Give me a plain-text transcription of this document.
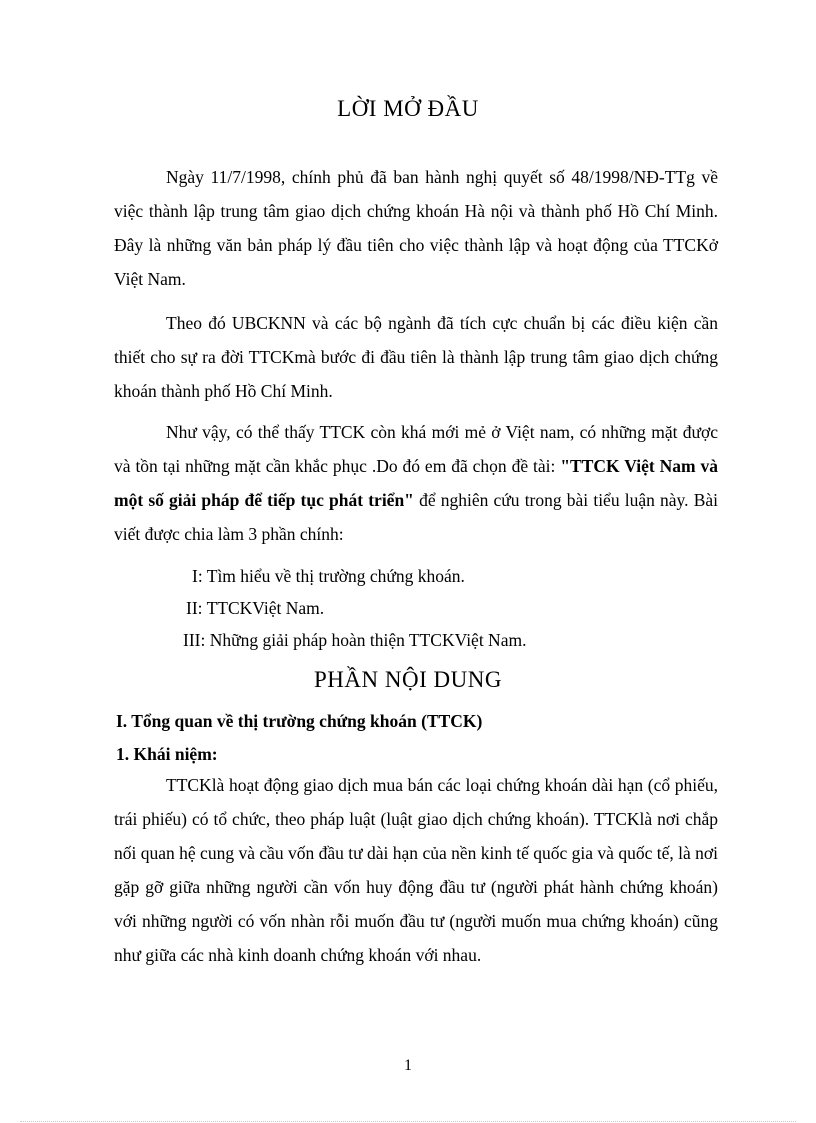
LỜI MỞ ĐẦU

Ngày 11/7/1998, chính phủ đã ban hành nghị quyết số 48/1998/NĐ-TTg về việc thành lập trung tâm giao dịch chứng khoán Hà nội và thành phố Hồ Chí Minh. Đây là những văn bản pháp lý đầu tiên cho việc thành lập và hoạt động của TTCKở Việt Nam.

Theo đó UBCKNN và các bộ ngành đã tích cực chuẩn bị các điều kiện cần thiết cho sự ra đời TTCKmà bước đi đầu tiên là thành lập trung tâm giao dịch chứng khoán thành phố Hồ Chí Minh.

Như vậy, có thể thấy TTCK còn khá mới mẻ ở Việt nam, có những mặt được và tồn tại những mặt cần khắc phục .Do đó em đã chọn đề tài: "TTCK Việt Nam và một số giải pháp để tiếp tục phát triển" để nghiên cứu trong bài tiểu luận này. Bài viết được chia làm 3 phần chính:

I: Tìm hiểu về thị trường chứng khoán.
II: TTCKViệt Nam.
III: Những giải pháp hoàn thiện TTCKViệt Nam.
PHẦN NỘI DUNG
I. Tổng quan về thị trường chứng khoán (TTCK)
1. Khái niệm:

TTCKlà hoạt động giao dịch mua bán các loại chứng khoán dài hạn (cổ phiếu, trái phiếu) có tổ chức, theo pháp luật (luật giao dịch chứng khoán). TTCKlà nơi chắp nối quan hệ cung và cầu vốn đầu tư dài hạn của nền kinh tế quốc gia và quốc tế, là nơi gặp gỡ giữa những người cần vốn huy động đầu tư (người phát hành chứng khoán) với những người có vốn nhàn rỗi muốn đầu tư (người muốn mua chứng khoán) cũng như giữa các nhà kinh doanh chứng khoán với nhau.

1
